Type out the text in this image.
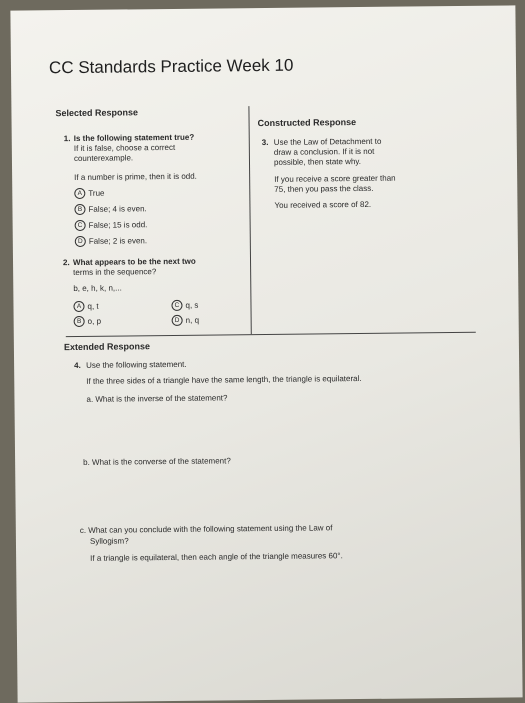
CC Standards Practice Week 10
Selected Response
1. Is the following statement true?
If it is false, choose a correct
counterexample.
If a number is prime, then it is odd.
A True
B False; 4 is even.
C False; 15 is odd.
D False; 2 is even.
2. What appears to be the next two
terms in the sequence?
b, e, h, k, n,...
A q, t
B o, p
C q, s
D n, q
Constructed Response
3. Use the Law of Detachment to
draw a conclusion. If it is not
possible, then state why.
If you receive a score greater than
75, then you pass the class.
You received a score of 82.
Extended Response
4. Use the following statement.
If the three sides of a triangle have the same length, the triangle is equilateral.
a. What is the inverse of the statement?
b. What is the converse of the statement?
c. What can you conclude with the following statement using the Law of
Syllogism?
If a triangle is equilateral, then each angle of the triangle measures 60°.
